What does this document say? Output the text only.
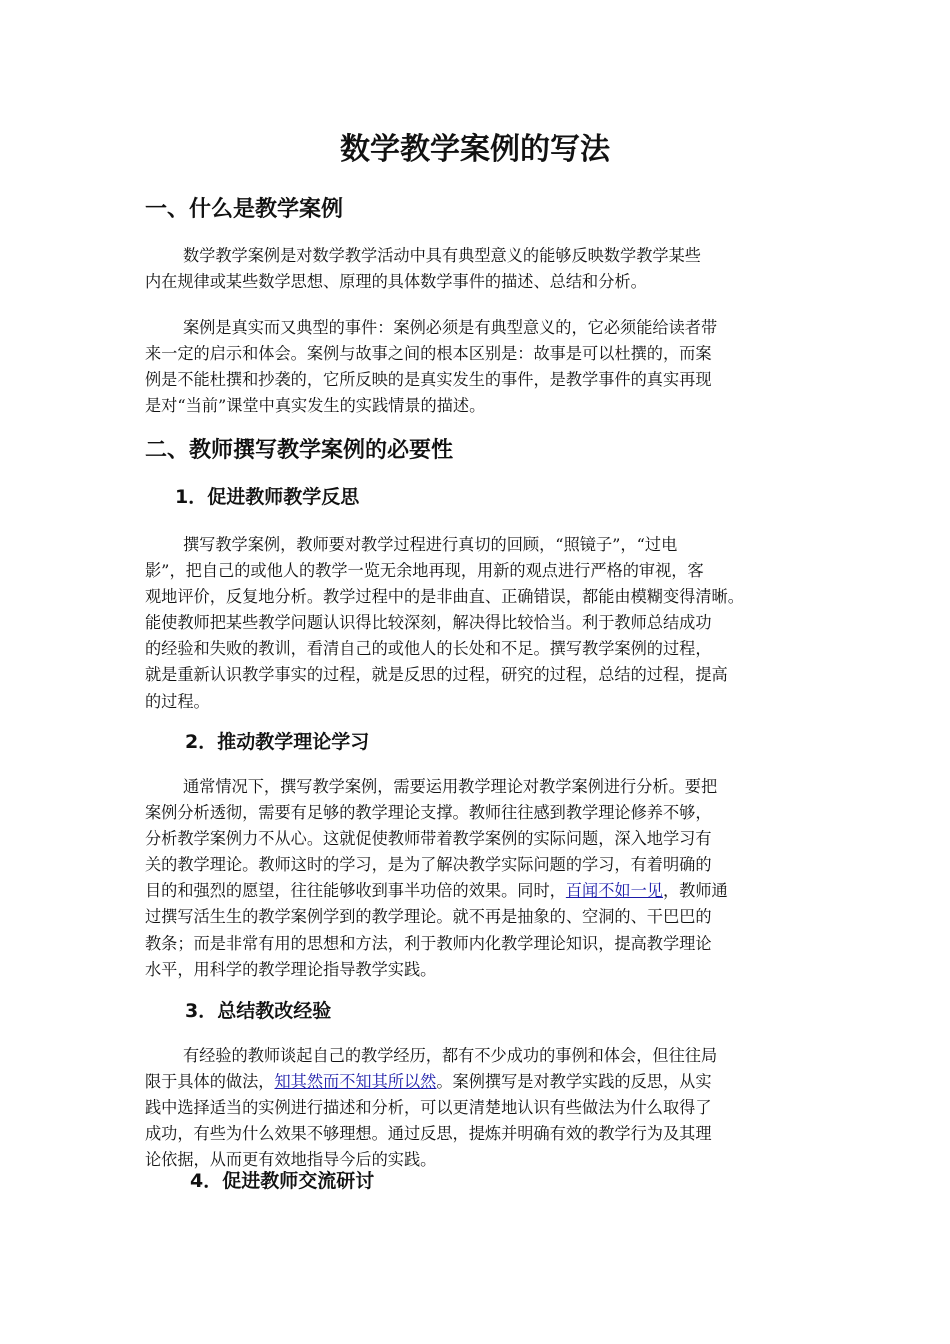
数学教学案例的写法
一、什么是教学案例

数学教学案例是对数学教学活动中具有典型意义的能够反映数学教学某些
内在规律或某些数学思想、原理的具体数学事件的描述、总结和分析。

案例是真实而又典型的事件：案例必须是有典型意义的，它必须能给读者带
来一定的启示和体会。案例与故事之间的根本区别是：故事是可以杜撰的，而案
例是不能杜撰和抄袭的，它所反映的是真实发生的事件，是教学事件的真实再现
是对“当前”课堂中真实发生的实践情景的描述。

二、教师撰写教学案例的必要性
1．促进教师教学反思

撰写教学案例，教师要对教学过程进行真切的回顾，“照镜子”，“过电
影”，把自己的或他人的教学一览无余地再现，用新的观点进行严格的审视，客
观地评价，反复地分析。教学过程中的是非曲直、正确错误，都能由模糊变得清晰。
能使教师把某些教学问题认识得比较深刻，解决得比较恰当。利于教师总结成功
的经验和失败的教训，看清自己的或他人的长处和不足。撰写教学案例的过程，
就是重新认识教学事实的过程，就是反思的过程，研究的过程，总结的过程，提高
的过程。

2．推动教学理论学习

通常情况下，撰写教学案例，需要运用教学理论对教学案例进行分析。要把
案例分析透彻，需要有足够的教学理论支撑。教师往往感到教学理论修养不够，
分析教学案例力不从心。这就促使教师带着教学案例的实际问题，深入地学习有
关的教学理论。教师这时的学习，是为了解决教学实际问题的学习，有着明确的
目的和强烈的愿望，往往能够收到事半功倍的效果。同时，百闻不如一见，教师通
过撰写活生生的教学案例学到的教学理论。就不再是抽象的、空洞的、干巴巴的
教条；而是非常有用的思想和方法，利于教师内化教学理论知识，提高教学理论
水平，用科学的教学理论指导教学实践。

3．总结教改经验

有经验的教师谈起自己的教学经历，都有不少成功的事例和体会，但往往局
限于具体的做法，知其然而不知其所以然。案例撰写是对教学实践的反思，从实
践中选择适当的实例进行描述和分析，可以更清楚地认识有些做法为什么取得了
成功，有些为什么效果不够理想。通过反思，提炼并明确有效的教学行为及其理
论依据，从而更有效地指导今后的实践。

4．促进教师交流研讨
